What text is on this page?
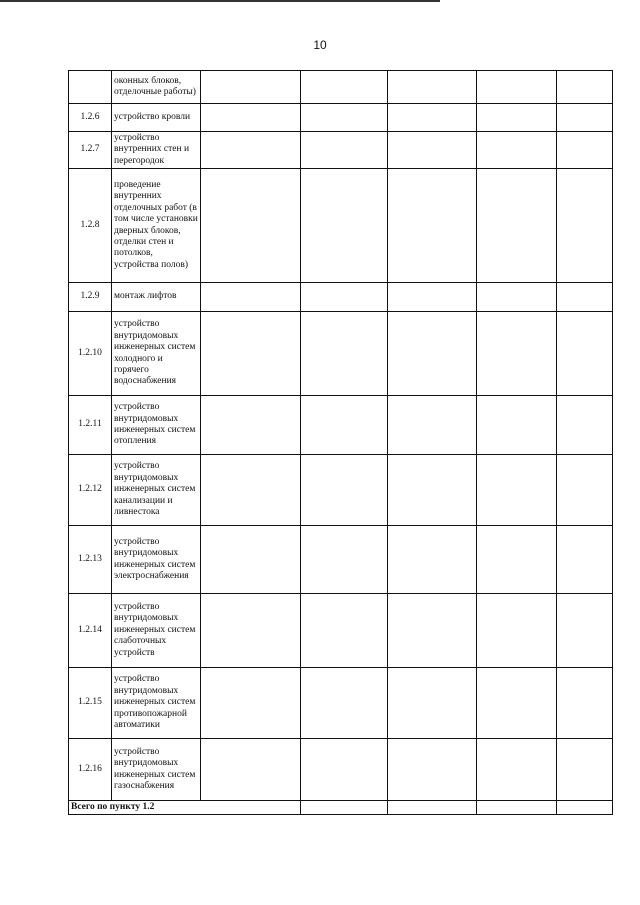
10
	оконных блоков, отделочные работы)					
1.2.6	устройство кровли					
1.2.7	устройство внутренних стен и перегородок					
1.2.8	проведение внутренних отделочных работ (в том числе установки дверных блоков, отделки стен и потолков, устройства полов)					
1.2.9	монтаж лифтов					
1.2.10	устройство внутридомовых инженерных систем холодного и горячего водоснабжения					
1.2.11	устройство внутридомовых инженерных систем отопления					
1.2.12	устройство внутридомовых инженерных систем канализации и ливнестока					
1.2.13	устройство внутридомовых инженерных систем электроснабжения					
1.2.14	устройство внутридомовых инженерных систем слаботочных устройств					
1.2.15	устройство внутридомовых инженерных систем противопожарной автоматики					
1.2.16	устройство внутридомовых инженерных систем газоснабжения					
Всего по пункту 1.2						
